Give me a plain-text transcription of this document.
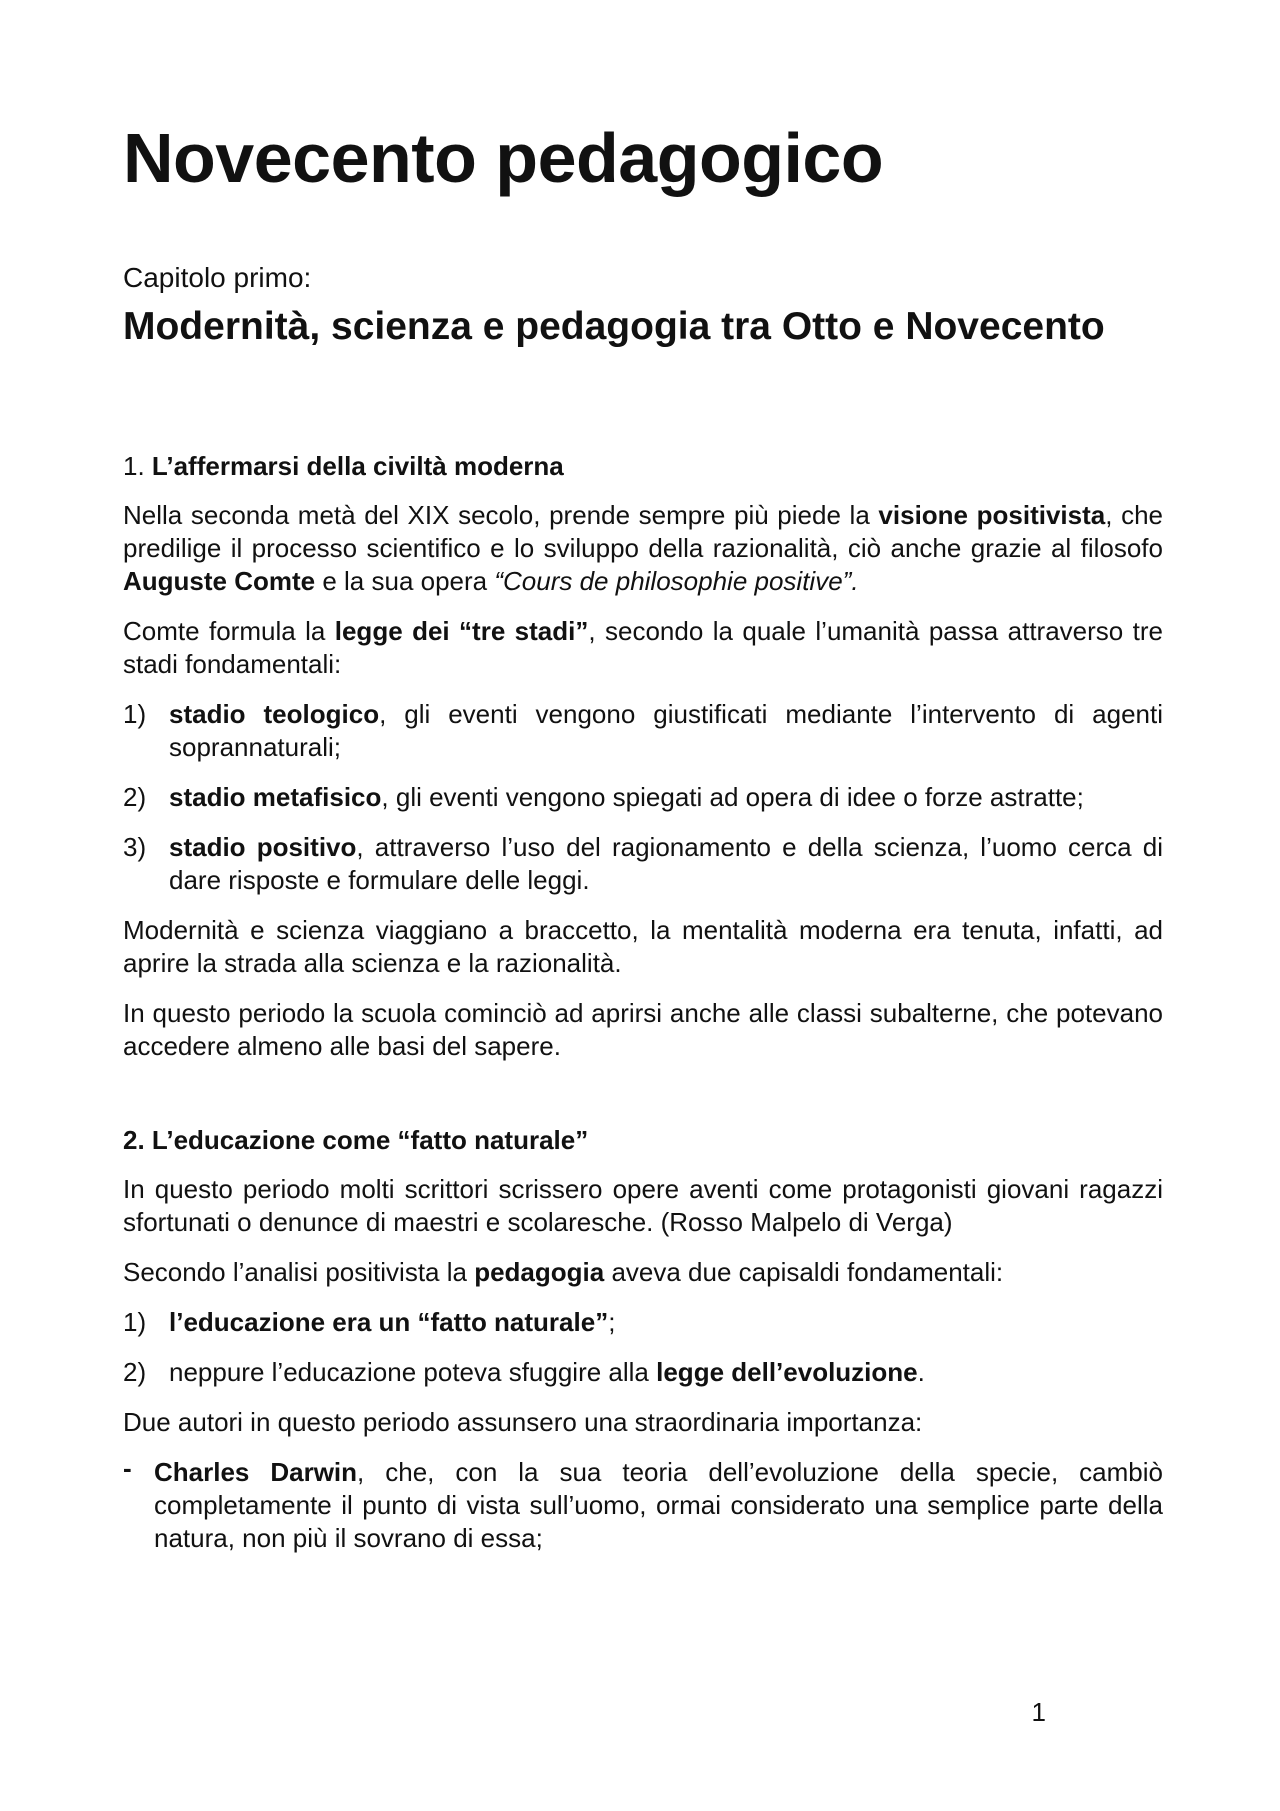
Novecento pedagogico

Capitolo primo:

Modernità, scienza e pedagogia tra Otto e Novecento

1. L’affermarsi della civiltà moderna

Nella seconda metà del XIX secolo, prende sempre più piede la visione positivista, che predilige il processo scientifico e lo sviluppo della razionalità, ciò anche grazie al filosofo Auguste Comte e la sua opera “Cours de philosophie positive”.

Comte formula la legge dei “tre stadi”, secondo la quale l’umanità passa attraverso tre stadi fondamentali:

1) stadio teologico, gli eventi vengono giustificati mediante l’intervento di agenti soprannaturali;
2) stadio metafisico, gli eventi vengono spiegati ad opera di idee o forze astratte;
3) stadio positivo, attraverso l’uso del ragionamento e della scienza, l’uomo cerca di dare risposte e formulare delle leggi.

Modernità e scienza viaggiano a braccetto, la mentalità moderna era tenuta, infatti, ad aprire la strada alla scienza e la razionalità.

In questo periodo la scuola cominciò ad aprirsi anche alle classi subalterne, che potevano accedere almeno alle basi del sapere.

2. L’educazione come “fatto naturale”

In questo periodo molti scrittori scrissero opere aventi come protagonisti giovani ragazzi sfortunati o denunce di maestri e scolaresche. (Rosso Malpelo di Verga)

Secondo l’analisi positivista la pedagogia aveva due capisaldi fondamentali:

1) l’educazione era un “fatto naturale”;
2) neppure l’educazione poteva sfuggire alla legge dell’evoluzione.

Due autori in questo periodo assunsero una straordinaria importanza:

- Charles Darwin, che, con la sua teoria dell’evoluzione della specie, cambiò completamente il punto di vista sull’uomo, ormai considerato una semplice parte della natura, non più il sovrano di essa;
1
